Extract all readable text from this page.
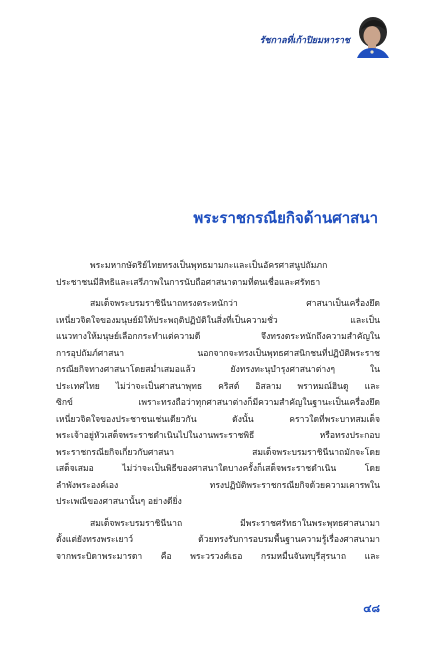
รัชกาลที่เก้าปิยมหาราช
พระราชกรณียกิจด้านศาสนา
พระมหากษัตริย์ไทยทรงเป็นพุทธมามกะและเป็นอัครศาสนูปถัมภก
ประชาชนมีสิทธิและเสรีภาพในการนับถือศาสนาตามที่ตนเชื่อและศรัทธา
สมเด็จพระบรมราชินีนาถทรงตระหนักว่า ศาสนาเป็นเครื่องยึด
เหนี่ยวจิตใจของมนุษย์มิให้ประพฤติปฏิบัติในสิ่งที่เป็นความชั่ว และเป็น
แนวทางให้มนุษย์เลือกกระทำแต่ความดี จึงทรงตระหนักถึงความสำคัญใน
การอุปถัมภ์ศาสนา นอกจากจะทรงเป็นพุทธศาสนิกชนที่ปฏิบัติพระราช
กรณียกิจทางศาสนาโดยสม่ำเสมอแล้ว ยังทรงทะนุบำรุงศาสนาต่างๆ ใน
ประเทศไทย ไม่ว่าจะเป็นศาสนาพุทธ คริสต์ อิสลาม พราหมณ์ฮินดู และ
ซิกข์ เพราะทรงถือว่าทุกศาสนาต่างก็มีความสำคัญในฐานะเป็นเครื่องยึด
เหนี่ยวจิตใจของประชาชนเช่นเดียวกัน ดังนั้น คราวใดที่พระบาทสมเด็จ
พระเจ้าอยู่หัวเสด็จพระราชดำเนินไปในงานพระราชพิธี หรือทรงประกอบ
พระราชกรณียกิจเกี่ยวกับศาสนา สมเด็จพระบรมราชินีนาถมักจะโดย
เสด็จเสมอ ไม่ว่าจะเป็นพิธีของศาสนาใดบางครั้งก็เสด็จพระราชดำเนิน โดย
ลำพังพระองค์เอง ทรงปฏิบัติพระราชกรณียกิจด้วยความเคารพใน
ประเพณีของศาสนานั้นๆ อย่างดียิ่ง
สมเด็จพระบรมราชินีนาถ มีพระราชศรัทธาในพระพุทธศาสนามา
ตั้งแต่ยังทรงพระเยาว์ ด้วยทรงรับการอบรมพื้นฐานความรู้เรื่องศาสนามา
จากพระบิดาพระมารดา คือ พระวรวงศ์เธอ กรมหมื่นจันทบุรีสุรนาถ และ
๔๘
